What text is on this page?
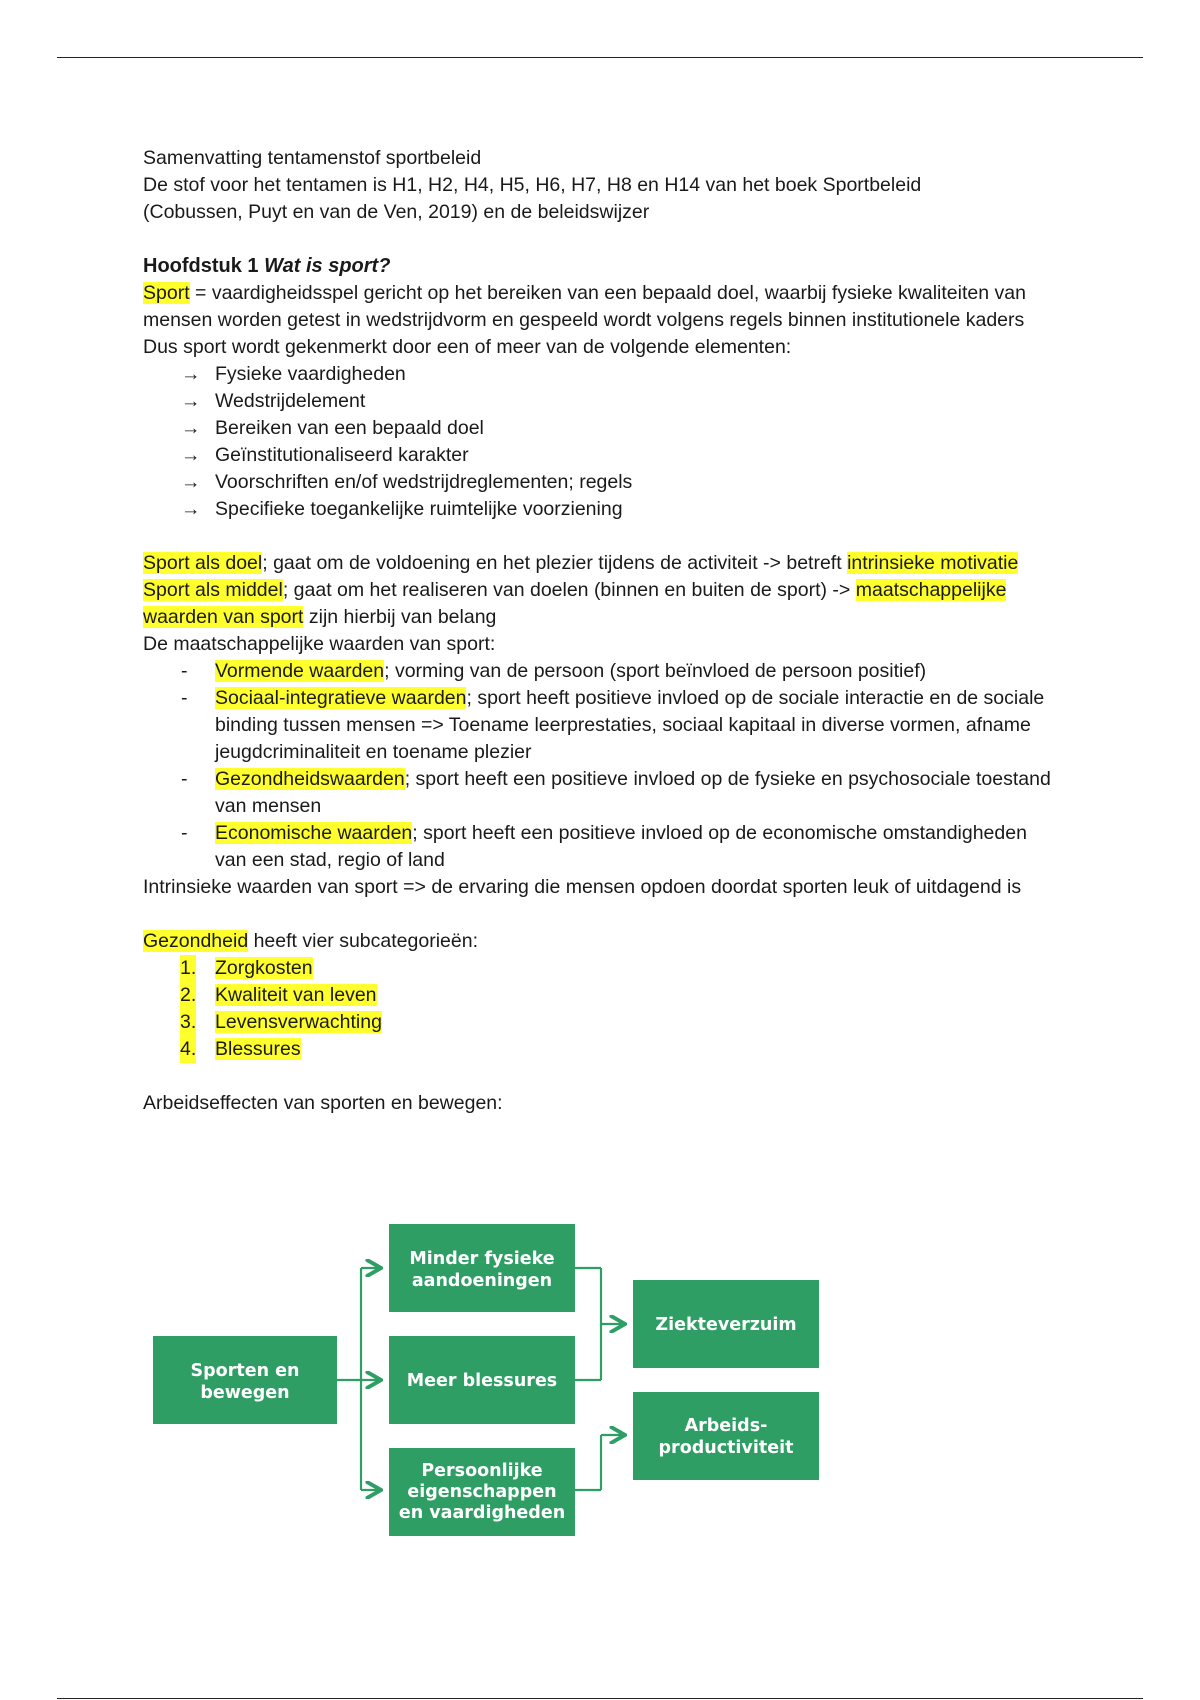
Samenvatting tentamenstof sportbeleid

De stof voor het tentamen is H1, H2, H4, H5, H6, H7, H8 en H14 van het boek Sportbeleid

(Cobussen, Puyt en van de Ven, 2019) en de beleidswijzer

Hoofdstuk 1 Wat is sport?

Sport = vaardigheidsspel gericht op het bereiken van een bepaald doel, waarbij fysieke kwaliteiten van mensen worden getest in wedstrijdvorm en gespeeld wordt volgens regels binnen institutionele kaders

Dus sport wordt gekenmerkt door een of meer van de volgende elementen:

→ Fysieke vaardigheden
→ Wedstrijdelement
→ Bereiken van een bepaald doel
→ Geïnstitutionaliseerd karakter
→ Voorschriften en/of wedstrijdreglementen; regels
→ Specifieke toegankelijke ruimtelijke voorziening

Sport als doel; gaat om de voldoening en het plezier tijdens de activiteit -> betreft intrinsieke motivatie

Sport als middel; gaat om het realiseren van doelen (binnen en buiten de sport) -> maatschappelijke waarden van sport zijn hierbij van belang

De maatschappelijke waarden van sport:

- Vormende waarden; vorming van de persoon (sport beïnvloed de persoon positief)
- Sociaal-integratieve waarden; sport heeft positieve invloed op de sociale interactie en de sociale binding tussen mensen => Toename leerprestaties, sociaal kapitaal in diverse vormen, afname jeugdcriminaliteit en toename plezier
- Gezondheidswaarden; sport heeft een positieve invloed op de fysieke en psychosociale toestand van mensen
- Economische waarden; sport heeft een positieve invloed op de economische omstandigheden van een stad, regio of land

Intrinsieke waarden van sport => de ervaring die mensen opdoen doordat sporten leuk of uitdagend is

Gezondheid heeft vier subcategorieën:

1. Zorgkosten
2. Kwaliteit van leven
3. Levensverwachting
4. Blessures

Arbeidseffecten van sporten en bewegen:

Sporten en
bewegen
Minder fysieke
aandoeningen
Meer blessures
Persoonlijke
eigenschappen
Ziekteverzuim
Arbeids-
productiviteit
en vaardigheden
